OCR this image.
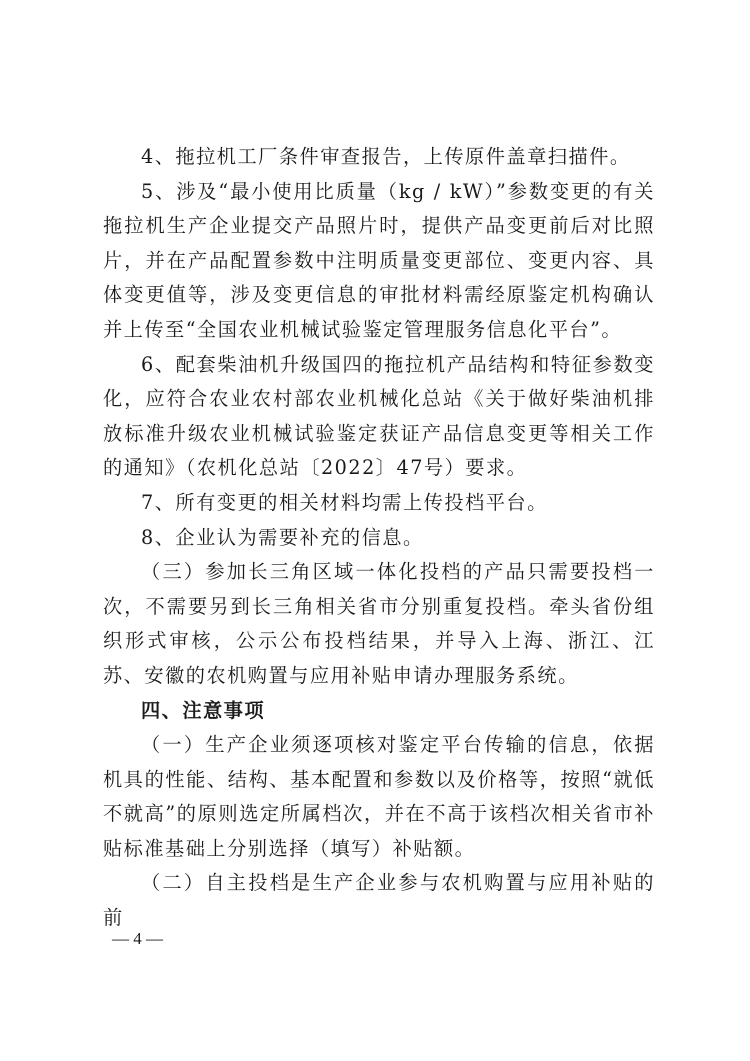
4、拖拉机工厂条件审查报告，上传原件盖章扫描件。

5、涉及“最小使用比质量（kg / kW）”参数变更的有关拖拉机生产企业提交产品照片时，提供产品变更前后对比照片，并在产品配置参数中注明质量变更部位、变更内容、具体变更值等，涉及变更信息的审批材料需经原鉴定机构确认并上传至“全国农业机械试验鉴定管理服务信息化平台”。

6、配套柴油机升级国四的拖拉机产品结构和特征参数变化，应符合农业农村部农业机械化总站《关于做好柴油机排放标准升级农业机械试验鉴定获证产品信息变更等相关工作的通知》（农机化总站〔2022〕47号）要求。

7、所有变更的相关材料均需上传投档平台。

8、企业认为需要补充的信息。

（三）参加长三角区域一体化投档的产品只需要投档一次，不需要另到长三角相关省市分别重复投档。牵头省份组织形式审核，公示公布投档结果，并导入上海、浙江、江苏、安徽的农机购置与应用补贴申请办理服务系统。

四、注意事项

（一）生产企业须逐项核对鉴定平台传输的信息，依据机具的性能、结构、基本配置和参数以及价格等，按照“就低不就高”的原则选定所属档次，并在不高于该档次相关省市补贴标准基础上分别选择（填写）补贴额。

（二）自主投档是生产企业参与农机购置与应用补贴的前

— 4 —
